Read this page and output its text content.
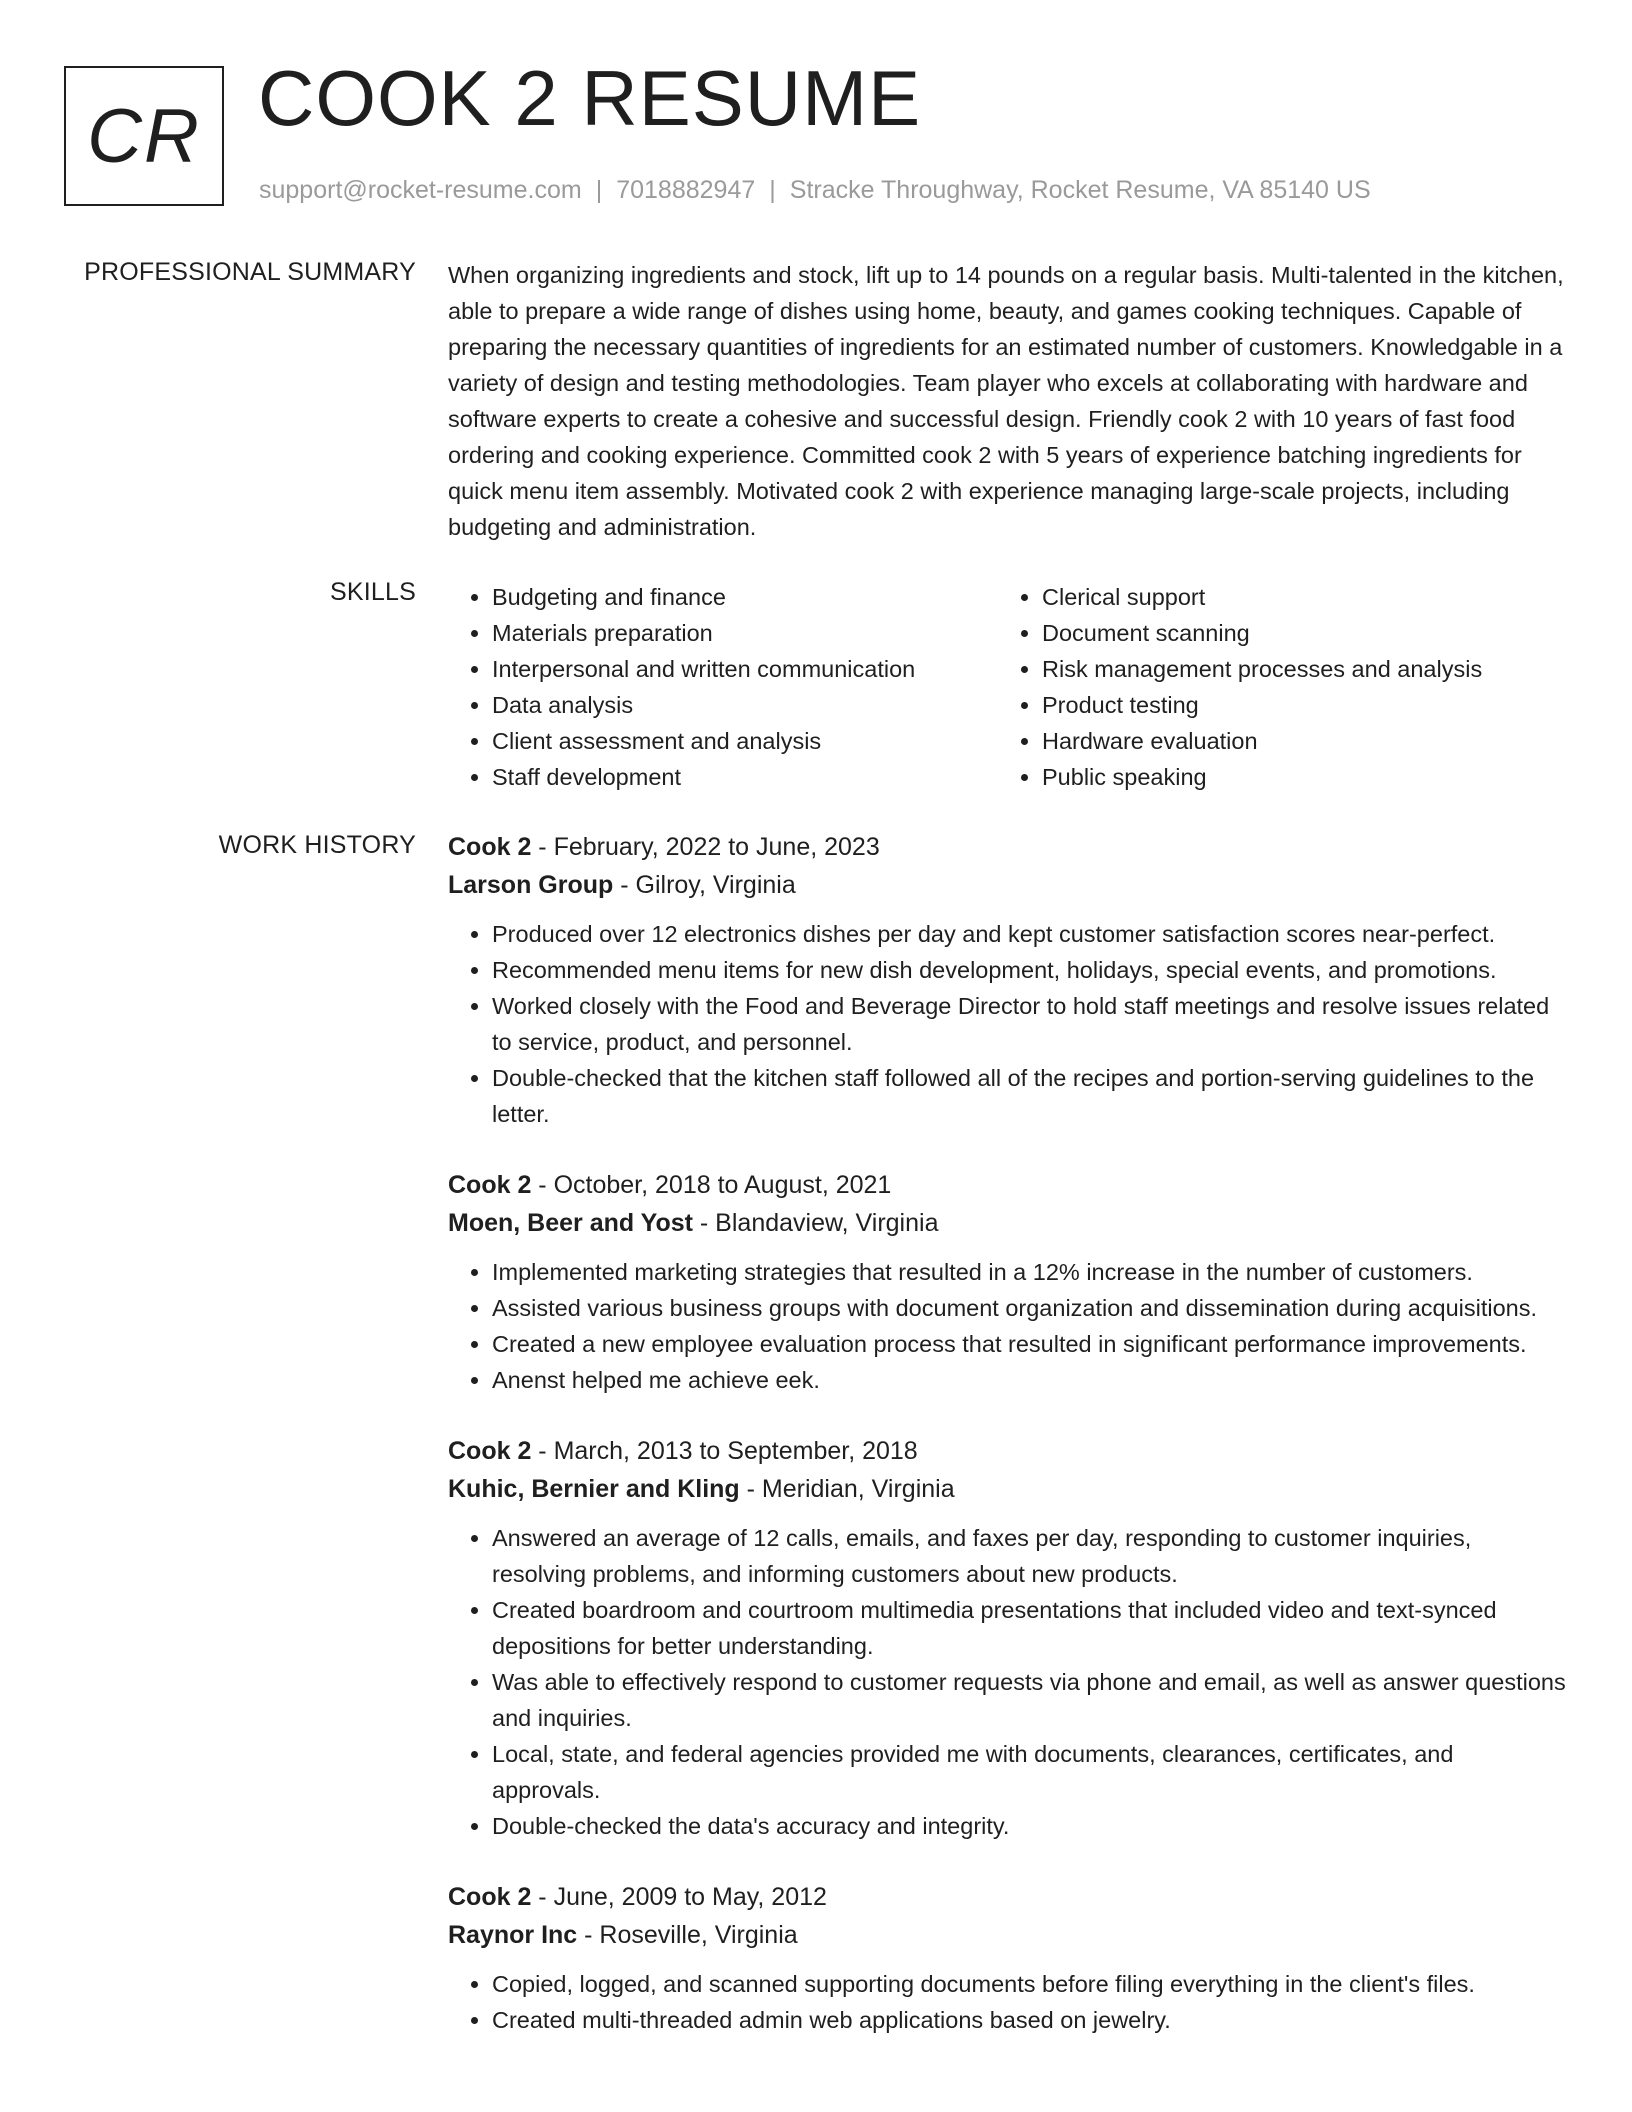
CR COOK 2 RESUME
support@rocket-resume.com | 7018882947 | Stracke Throughway, Rocket Resume, VA 85140 US
PROFESSIONAL SUMMARY When organizing ingredients and stock, lift up to 14 pounds on a regular basis. Multi-talented in the kitchen, able to prepare a wide range of dishes using home, beauty, and games cooking techniques. Capable of preparing the necessary quantities of ingredients for an estimated number of customers. Knowledgable in a variety of design and testing methodologies. Team player who excels at collaborating with hardware and software experts to create a cohesive and successful design. Friendly cook 2 with 10 years of fast food ordering and cooking experience. Committed cook 2 with 5 years of experience batching ingredients for quick menu item assembly. Motivated cook 2 with experience managing large-scale projects, including budgeting and administration.

SKILLS
•	Budgeting and finance
• Materials preparation
• Interpersonal and written communication
• Data analysis
• Client assessment and analysis
• Staff development
• Clerical support
• Document scanning
• Risk management processes and analysis
• Product testing
• Hardware evaluation
• Public speaking
WORK HISTORY Cook 2 - February, 2022 to June, 2023
Larson Group - Gilroy, Virginia
• Produced over 12 electronics dishes per day and kept customer satisfaction scores near-perfect.
• Recommended menu items for new dish development, holidays, special events, and promotions.
• Worked closely with the Food and Beverage Director to hold staff meetings and resolve issues related to service, product, and personnel.
• Double-checked that the kitchen staff followed all of the recipes and portion-serving guidelines to the letter.
Cook 2 - October, 2018 to August, 2021
Moen, Beer and Yost - Blandaview, Virginia
• Implemented marketing strategies that resulted in a 12% increase in the number of customers.
• Assisted various business groups with document organization and dissemination during acquisitions.
• Created a new employee evaluation process that resulted in significant performance improvements.
• Anenst helped me achieve eek.
Cook 2 - March, 2013 to September, 2018
Kuhic, Bernier and Kling - Meridian, Virginia
• Answered an average of 12 calls, emails, and faxes per day, responding to customer inquiries, resolving problems, and informing customers about new products.
• Created boardroom and courtroom multimedia presentations that included video and text-synced depositions for better understanding.
• Was able to effectively respond to customer requests via phone and email, as well as answer questions and inquiries.
• Local, state, and federal agencies provided me with documents, clearances, certificates, and approvals.
• Double-checked the data's accuracy and integrity.
Cook 2 - June, 2009 to May, 2012
Raynor Inc - Roseville, Virginia
• Copied, logged, and scanned supporting documents before filing everything in the client's files.
• Created multi-threaded admin web applications based on jewelry.
